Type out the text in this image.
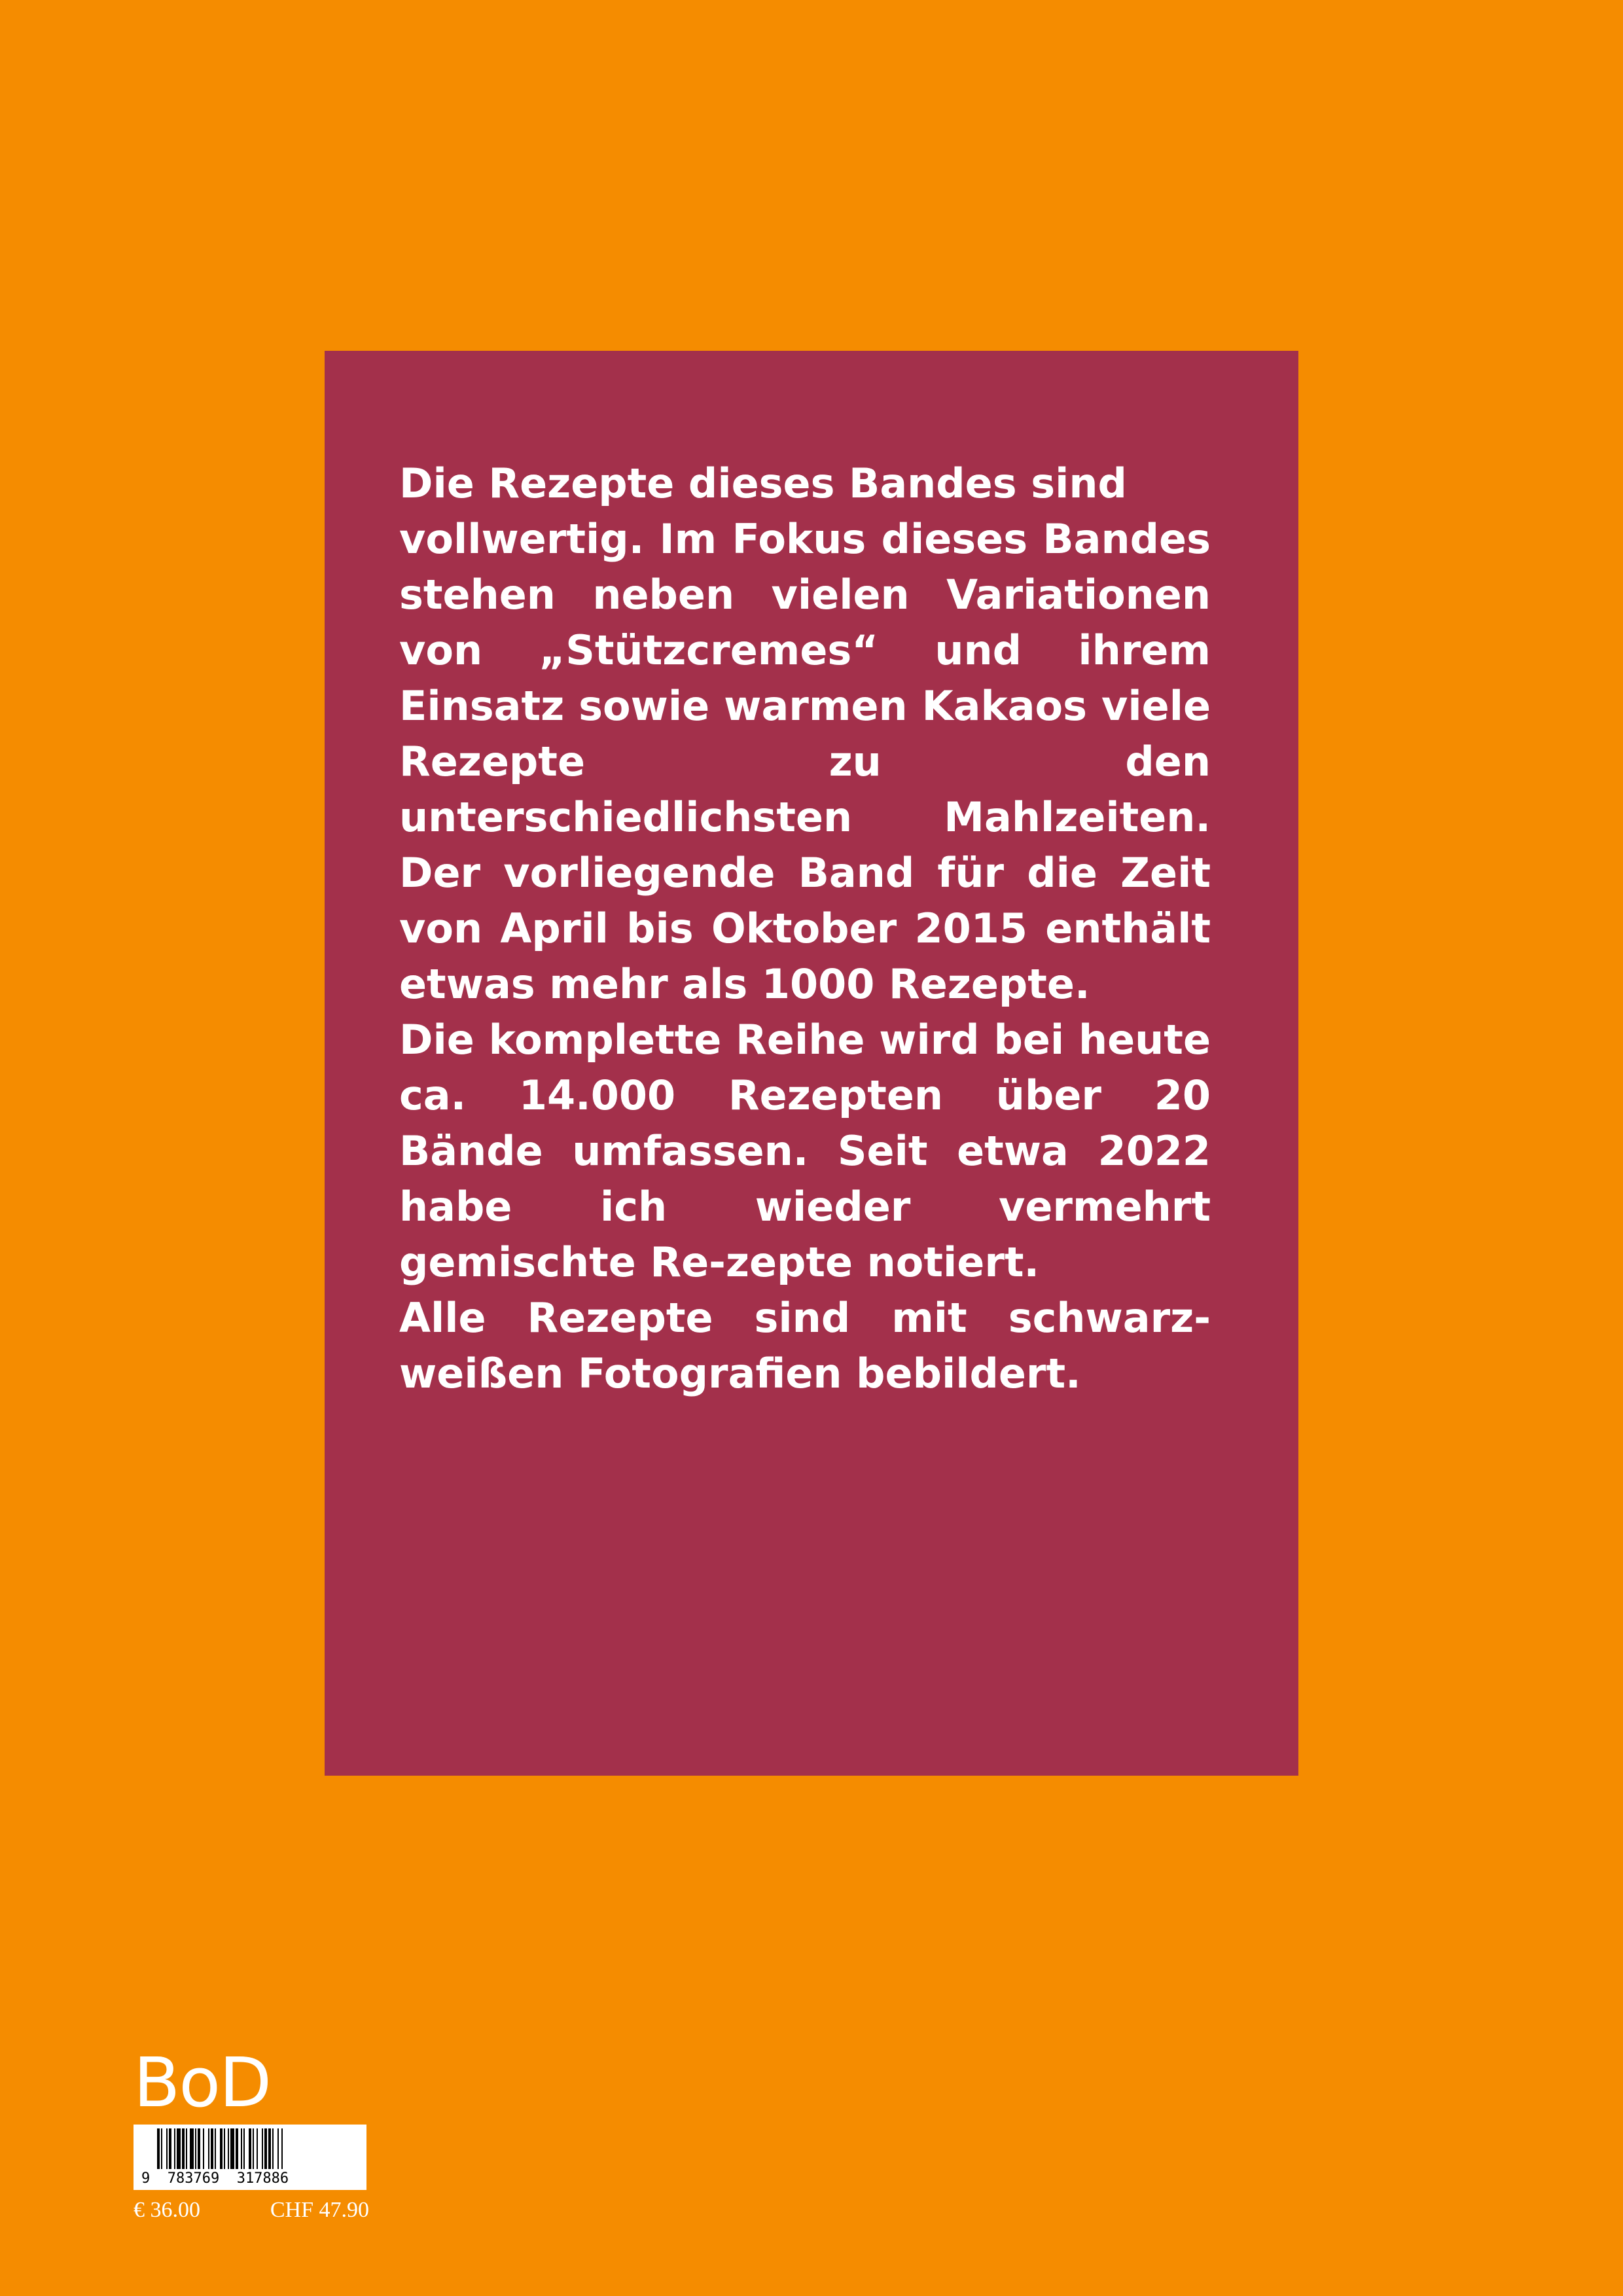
Die Rezepte dieses Bandes sind

vollwertig. Im Fokus dieses Bandes stehen neben vielen Variationen von „Stützcremes“ und ihrem Einsatz sowie warmen Kakaos viele Rezepte zu den unterschiedlichsten Mahlzeiten. Der vorliegende Band für die Zeit von April bis Oktober 2015 enthält etwas mehr als 1000 Rezepte.

Die komplette Reihe wird bei heute ca. 14.000 Rezepten über 20 Bände umfassen. Seit etwa 2022 habe ich wieder vermehrt gemischte Re-zepte notiert.

Alle Rezepte sind mit schwarz-weißen Fotografien bebildert.

BoD
9  783769  317886
€ 36.00	CHF 47.90
